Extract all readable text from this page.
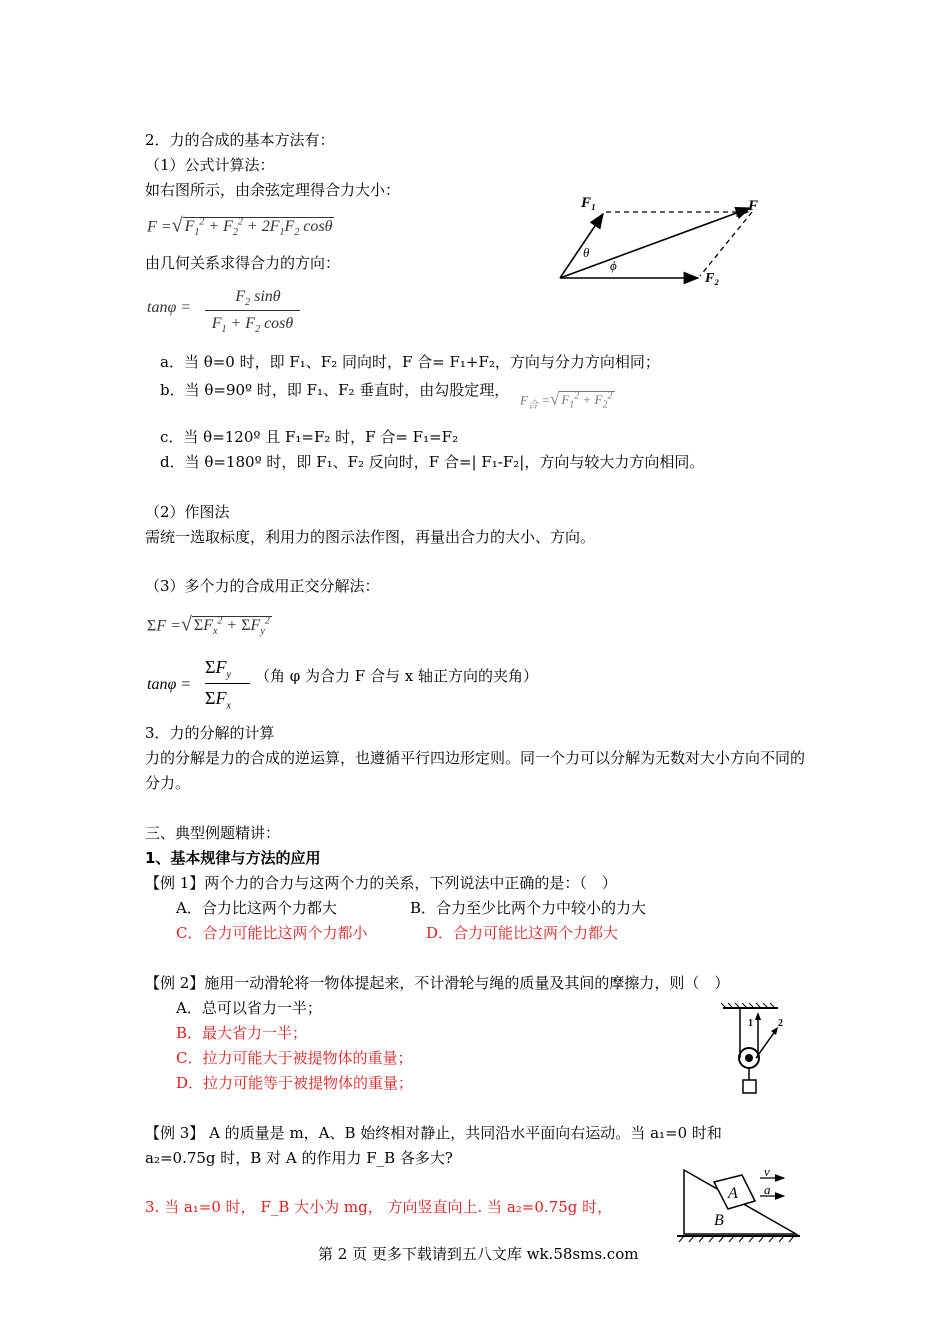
2．力的合成的基本方法有：
（1）公式计算法：
如右图所示，由余弦定理得合力大小：
F =√ $F_1^2 + F_2^2 + 2F_1F_2$ cosθ
由几何关系求得合力的方向：
tanφ =
$F_2$ sinθ
$F_1 + F_2$ cosθ
F₁	F
F₂
θ
ϕ
a．当 θ=0 时，即 F₁、F₂ 同向时，F 合= F₁+F₂，方向与分力方向相同；
b．当 θ=90º 时，即 F₁、F₂ 垂直时，由勾股定理，
$F_合$ =√ $F_1^2 + F_2^2$
c．当 θ=120º 且 F₁=F₂ 时，F 合= F₁=F₂
d．当 θ=180º 时，即 F₁、F₂ 反向时，F 合=| F₁-F₂|，方向与较大力方向相同。
（2）作图法
需统一选取标度，利用力的图示法作图，再量出合力的大小、方向。
（3）多个力的合成用正交分解法：
ΣF =√ $\Sigma F_x^2 + \Sigma F_y^2$
tanφ =
$\Sigma F_y$
$\Sigma F_x$
（角 φ 为合力 F 合与 x 轴正方向的夹角）
3．力的分解的计算
力的分解是力的合成的逆运算，也遵循平行四边形定则。同一个力可以分解为无数对大小方向不同的分力。
三、典型例题精讲：
1、基本规律与方法的应用
【例 1】两个力的合力与这两个力的关系，下列说法中正确的是：（　）
A．合力比这两个力都大	B．合力至少比两个力中较小的力大
C．合力可能比这两个力都小	D．合力可能比这两个力都大
【例 2】施用一动滑轮将一物体提起来，不计滑轮与绳的质量及其间的摩擦力，则（　）
A．总可以省力一半；
B．最大省力一半；
C．拉力可能大于被提物体的重量；
D．拉力可能等于被提物体的重量；
1	2
【例 3】 A 的质量是 m，A、B 始终相对静止，共同沿水平面向右运动。当 a₁=0 时和
a₂=0.75g 时，B 对 A 的作用力 F_B 各多大?
3. 当 a₁=0 时， F_B 大小为 mg， 方向竖直向上. 当 a₂=0.75g 时，
A
B
v
a
第 2 页 更多下载请到五八文库 wk.58sms.com
